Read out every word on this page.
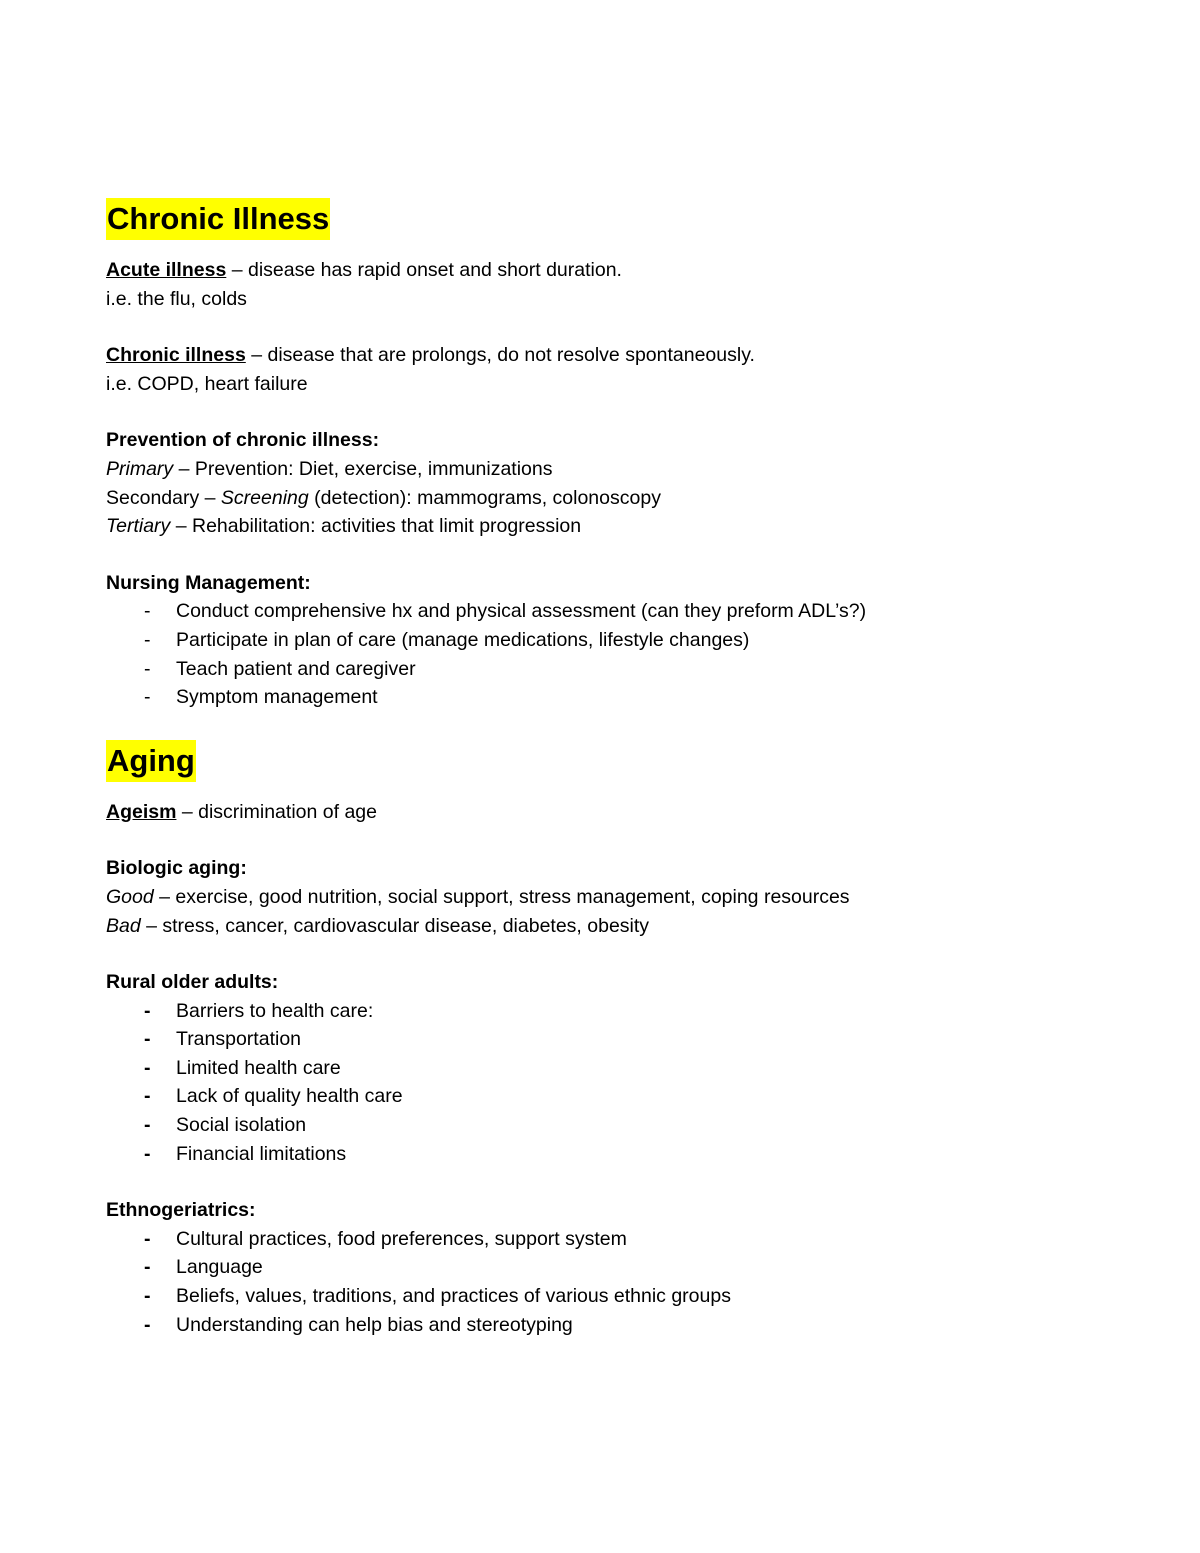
Chronic Illness
Acute illness – disease has rapid onset and short duration.
i.e. the flu, colds
Chronic illness – disease that are prolongs, do not resolve spontaneously.
i.e. COPD, heart failure
Prevention of chronic illness:
Primary – Prevention: Diet, exercise, immunizations
Secondary – Screening (detection): mammograms, colonoscopy
Tertiary – Rehabilitation: activities that limit progression
Nursing Management:
- Conduct comprehensive hx and physical assessment (can they preform ADL’s?)
- Participate in plan of care (manage medications, lifestyle changes)
- Teach patient and caregiver
- Symptom management
Aging
Ageism – discrimination of age
Biologic aging:
Good – exercise, good nutrition, social support, stress management, coping resources
Bad – stress, cancer, cardiovascular disease, diabetes, obesity
Rural older adults:
- Barriers to health care:
- Transportation
- Limited health care
- Lack of quality health care
- Social isolation
- Financial limitations
Ethnogeriatrics:
- Cultural practices, food preferences, support system
- Language
- Beliefs, values, traditions, and practices of various ethnic groups
- Understanding can help bias and stereotyping
